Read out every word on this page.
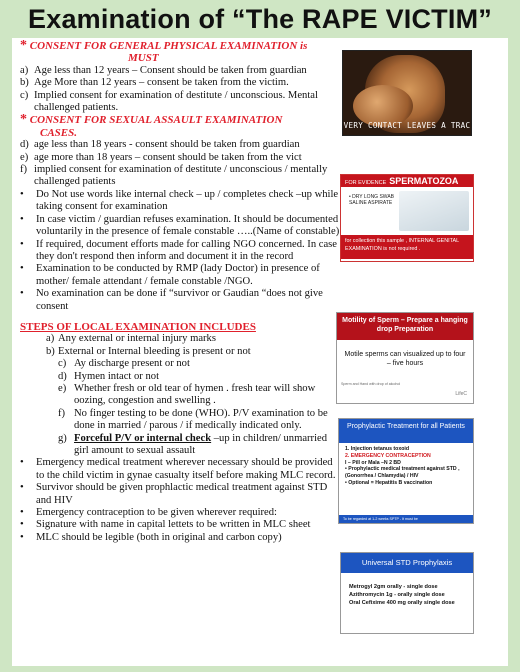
Examination of “The RAPE VICTIM”
* CONSENT FOR GENERAL PHYSICAL EXAMINATION is
MUST
a) Age less than 12 years – Consent should be taken from guardian
b) Age More than 12 years – consent be taken from the victim.
c) Implied consent for examination of destitute / unconscious. Mental challenged patients.
* CONSENT FOR SEXUAL ASSAULT EXAMINATION
CASES.
d) age less than 18 years - consent should be taken from guardian
e) age more than 18 years – consent should be taken from the vict
f) implied consent for examination of destitute / unconscious / mentally challenged patients
•	Do Not use words like internal check – up / completes check –up while taking consent for examination
•	In case victim / guardian refuses examination. It should be documented voluntarily in the presence of female constable …..(Name of constable)
•	If required, document efforts made for calling NGO concerned. In case they don't respond then inform and document it in the record
•	Examination to be conducted by RMP (lady Doctor) in presence of mother/ female attendant / female constable /NGO.
•	No examination can be done if “survivor or Gaudian “does not give consent
STEPS OF LOCAL EXAMINATION INCLUDES
a) Any external or internal injury marks
b) External or Internal bleeding is present or not
c) Ay discharge present or not
d) Hymen intact or not
e) Whether fresh or old tear of hymen . fresh tear will show oozing, congestion and swelling .
f) No finger testing to be done (WHO). P/V examination to be done in married / parous / if medically indicated only.
g) Forceful P/V or internal check –up in children/ unmarried girl amount to sexual assault
•	Emergency medical treatment wherever necessary should be provided to the child victim in gynae casualty itself before making MLC record.
•	Survivor should be given prophlactic medical treatment against STD and HIV
•	Emergency contraception to be given wherever required:
•	Signature with name in capital lettets to be written in MLC sheet
•	MLC should be legible (both in original and carbon copy)
VERY CONTACT LEAVES A TRAC
FOR EVIDENCE SPERMATOZOA
• DRY LONG SWAB
SALINE ASPIRATE
for collection this sample , INTERNAL GENITAL EXAMINATION is not required .
Motility of Sperm – Prepare a hanging drop Preparation
Motile sperms can visualized up to four – five hours
Sperm and Hand with drop of alcohol
LifeC
Prophylactic Treatment for all Patients
1. Injection tetanus toxoid
2. EMERGENCY CONTRACEPTION
I – Pill or Mala –N 2 BD
• Prophylactic medical treatment against STD , (Gonorrhea / Chlamydia) / HIV
• Optional = Hepatitis B vaccination
To be regarded at 1-2 weeks SPTP - It must be
Universal STD Prophylaxis
Metrogyl 2gm orally - single dose
Azithromycin 1g - orally single dose
Oral Cefixime 400 mg orally single dose
